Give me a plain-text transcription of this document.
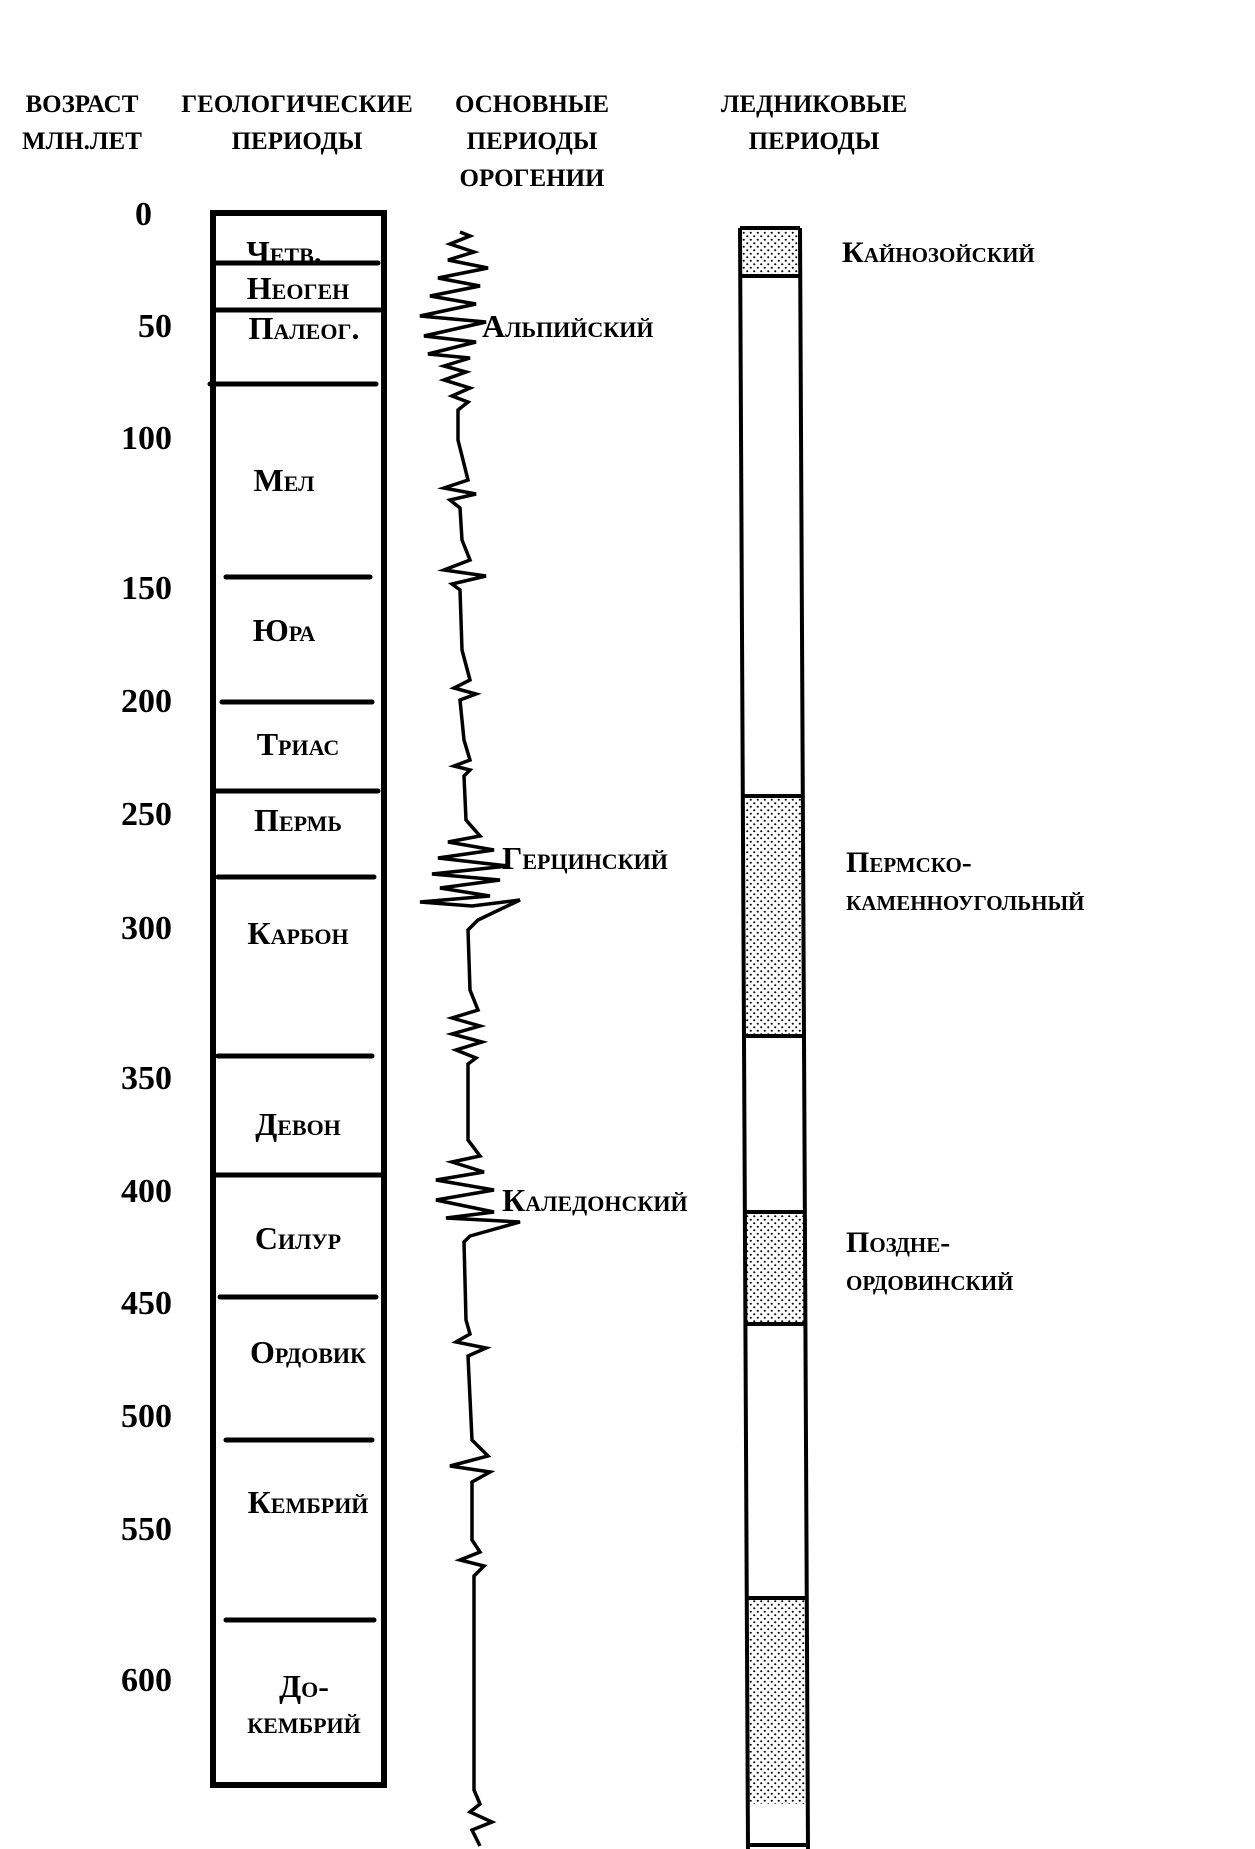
ВОЗРАСТ
МЛН.ЛЕТ
ГЕОЛОГИЧЕСКИЕ
ПЕРИОДЫ
ОСНОВНЫЕ
ПЕРИОДЫ
ОРОГЕНИИ
ЛЕДНИКОВЫЕ
ПЕРИОДЫ
0
50
100
150
200
250
300
350
400
450
500
550
600
Четв.
Неоген
Палеог.
Мел
Юра
Триас
Пермь
Карбон
Девон
Силур
Ордовик
Кембрий
До-
кембрий
Альпийский
Герцинский
Каледонский
Кайнозойский
Пермско-
каменноугольный
Поздне-
ордовинский
